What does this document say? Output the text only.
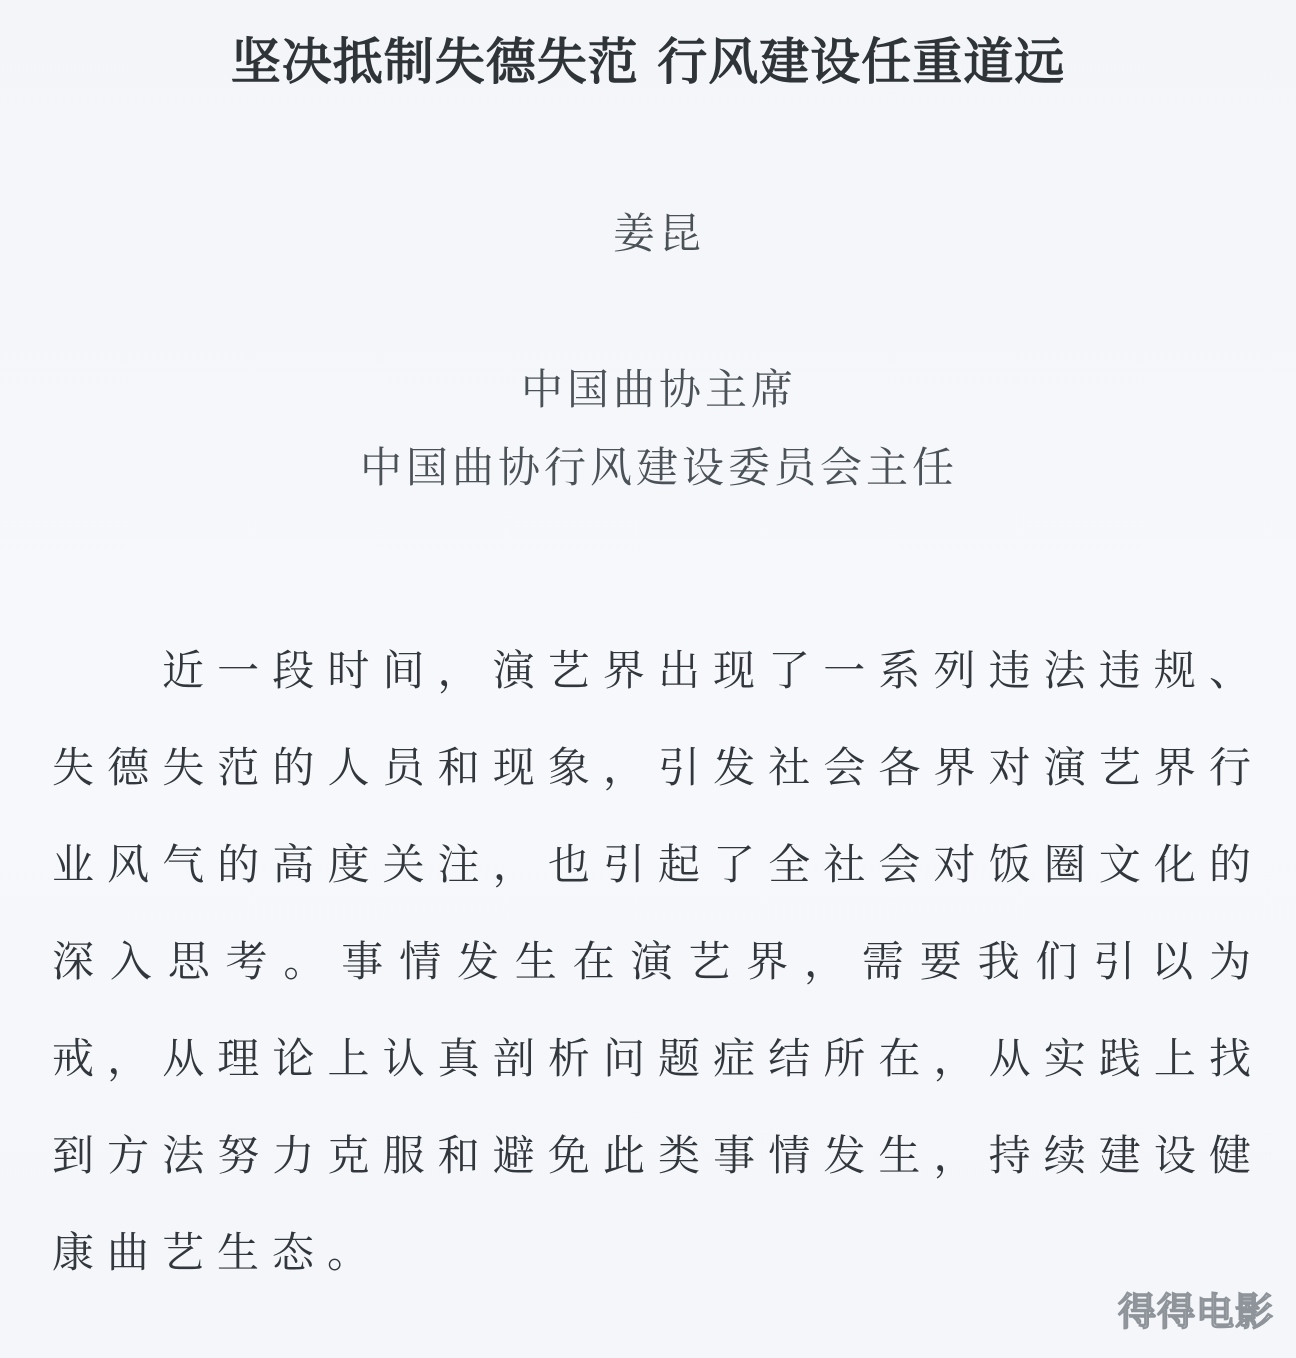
坚决抵制失德失范 行风建设任重道远
姜昆
中国曲协主席
中国曲协行风建设委员会主任

近一段时间，演艺界出现了一系列违法违规、失德失范的人员和现象，引发社会各界对演艺界行业风气的高度关注，也引起了全社会对饭圈文化的深入思考。事情发生在演艺界，需要我们引以为戒，从理论上认真剖析问题症结所在，从实践上找到方法努力克服和避免此类事情发生，持续建设健康曲艺生态。

得得电影
